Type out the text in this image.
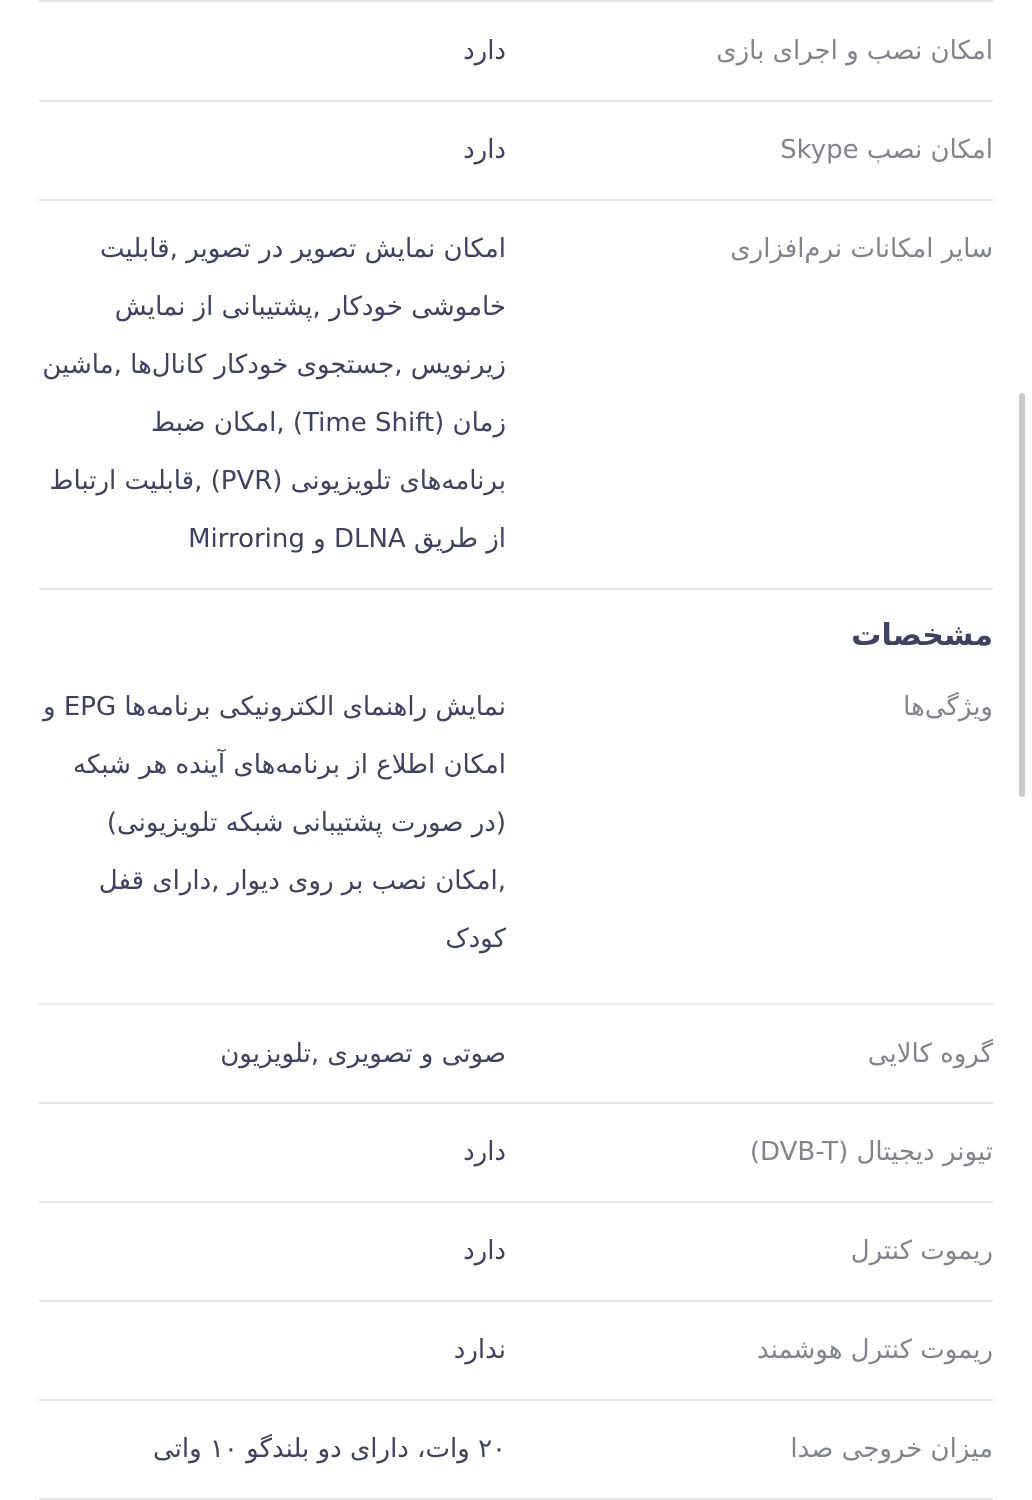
امکان نصب و اجرای بازی
دارد
امکان نصب Skype
دارد
سایر امکانات نرم‌افزاری
امکان نمایش تصویر در تصویر ,قابلیت خاموشی خودکار ,پشتیبانی از نمایش زیرنویس ,جستجوی خودکار کانال‌ها ,ماشین زمان (Time Shift) ,امکان ضبط برنامه‌های تلویزیونی (PVR) ,قابلیت ارتباط از طریق DLNA و Mirroring
مشخصات
ویژگی‌ها
نمایش راهنمای الکترونیکی برنامه‌ها EPG و امکان اطلاع از برنامه‌های آینده هر شبکه (در صورت پشتیبانی شبکه تلویزیونی) ,امکان نصب بر روی دیوار ,دارای قفل کودک
گروه کالایی
صوتی و تصویری ,تلویزیون
تیونر دیجیتال (DVB-T)
دارد
ریموت کنترل
دارد
ریموت کنترل هوشمند
ندارد
میزان خروجی صدا
۲۰ وات، دارای دو بلندگو ۱۰ واتی
